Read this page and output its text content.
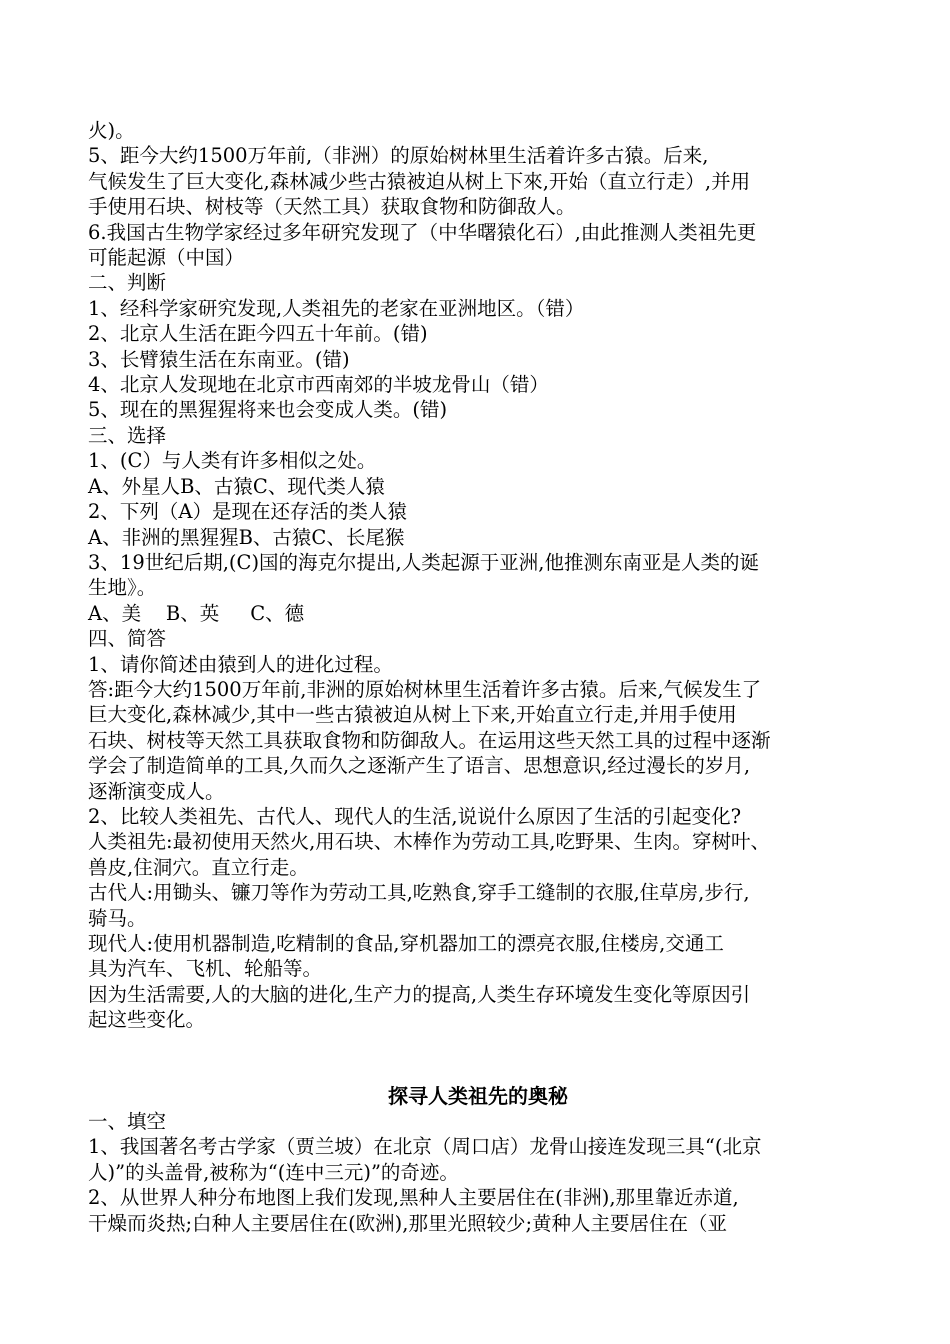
火)。
5、距今大约1500万年前,（非洲）的原始树林里生活着许多古猿。后来,
气候发生了巨大变化,森林减少些古猿被迫从树上下來,开始（直立行走）,并用
手使用石块、树枝等（天然工具）获取食物和防御敌人。
6.我国古生物学家经过多年研究发现了（中华曙猿化石）,由此推测人类祖先更
可能起源（中国）
二、判断
1、经科学家研究发现,人类祖先的老家在亚洲地区。（错）
2、北京人生活在距今四五十年前。(错)
3、长臂猿生活在东南亚。(错)
4、北京人发现地在北京市西南郊的半坡龙骨山（错）
5、现在的黑猩猩将来也会变成人类。(错)
三、选择
1、(C）与人类有许多相似之处。
A、外星人B、古猿C、现代类人猿
2、下列（A）是现在还存活的类人猿
A、非洲的黑猩猩B、古猿C、长尾猴
3、19世纪后期,(C)国的海克尔提出,人类起源于亚洲,他推测东南亚是人类的诞
生地》。
A、美    B、英     C、德
四、简答
1、请你简述由猿到人的进化过程。
答:距今大约1500万年前,非洲的原始树林里生活着许多古猿。后来,气候发生了
巨大变化,森林减少,其中一些古猿被迫从树上下来,开始直立行走,并用手使用
石块、树枝等天然工具获取食物和防御敌人。在运用这些天然工具的过程中逐渐
学会了制造简单的工具,久而久之逐渐产生了语言、思想意识,经过漫长的岁月,
逐渐演变成人。
2、比较人类祖先、古代人、现代人的生活,说说什么原因了生活的引起变化?
人类祖先:最初使用天然火,用石块、木棒作为劳动工具,吃野果、生肉。穿树叶、
兽皮,住洞穴。直立行走。
古代人:用锄头、镰刀等作为劳动工具,吃熟食,穿手工缝制的衣服,住草房,步行,
骑马。
现代人:使用机器制造,吃精制的食品,穿机器加工的漂亮衣服,住楼房,交通工
具为汽车、飞机、轮船等。
因为生活需要,人的大脑的进化,生产力的提高,人类生存环境发生变化等原因引
起这些变化。
探寻人类祖先的奥秘
一、填空
1、我国著名考古学家（贾兰坡）在北京（周口店）龙骨山接连发现三具“(北京
人)”的头盖骨,被称为“(连中三元)”的奇迹。
2、从世界人种分布地图上我们发现,黑种人主要居住在(非洲),那里靠近赤道,
干燥而炎热;白种人主要居住在(欧洲),那里光照较少;黄种人主要居住在（亚
